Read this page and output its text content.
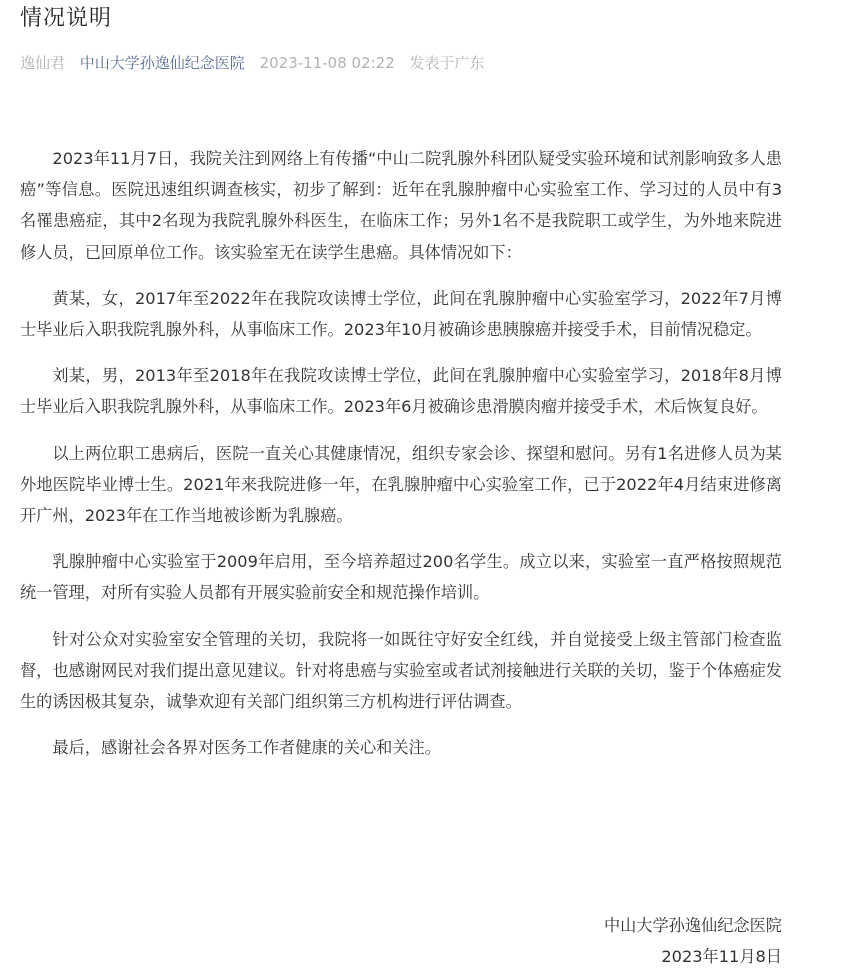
情况说明
逸仙君 中山大学孙逸仙纪念医院 2023-11-08 02:22 发表于广东

2023年11月7日，我院关注到网络上有传播“中山二院乳腺外科团队疑受实验环境和试剂影响致多人患癌”等信息。医院迅速组织调查核实，初步了解到：近年在乳腺肿瘤中心实验室工作、学习过的人员中有3名罹患癌症，其中2名现为我院乳腺外科医生，在临床工作；另外1名不是我院职工或学生，为外地来院进修人员，已回原单位工作。该实验室无在读学生患癌。具体情况如下：

黄某，女，2017年至2022年在我院攻读博士学位，此间在乳腺肿瘤中心实验室学习，2022年7月博士毕业后入职我院乳腺外科，从事临床工作。2023年10月被确诊患胰腺癌并接受手术，目前情况稳定。

刘某，男，2013年至2018年在我院攻读博士学位，此间在乳腺肿瘤中心实验室学习，2018年8月博士毕业后入职我院乳腺外科，从事临床工作。2023年6月被确诊患滑膜肉瘤并接受手术，术后恢复良好。

以上两位职工患病后，医院一直关心其健康情况，组织专家会诊、探望和慰问。另有1名进修人员为某外地医院毕业博士生。2021年来我院进修一年，在乳腺肿瘤中心实验室工作，已于2022年4月结束进修离开广州，2023年在工作当地被诊断为乳腺癌。

乳腺肿瘤中心实验室于2009年启用，至今培养超过200名学生。成立以来，实验室一直严格按照规范统一管理，对所有实验人员都有开展实验前安全和规范操作培训。

针对公众对实验室安全管理的关切，我院将一如既往守好安全红线，并自觉接受上级主管部门检查监督，也感谢网民对我们提出意见建议。针对将患癌与实验室或者试剂接触进行关联的关切，鉴于个体癌症发生的诱因极其复杂，诚挚欢迎有关部门组织第三方机构进行评估调查。

最后，感谢社会各界对医务工作者健康的关心和关注。

中山大学孙逸仙纪念医院
2023年11月8日
